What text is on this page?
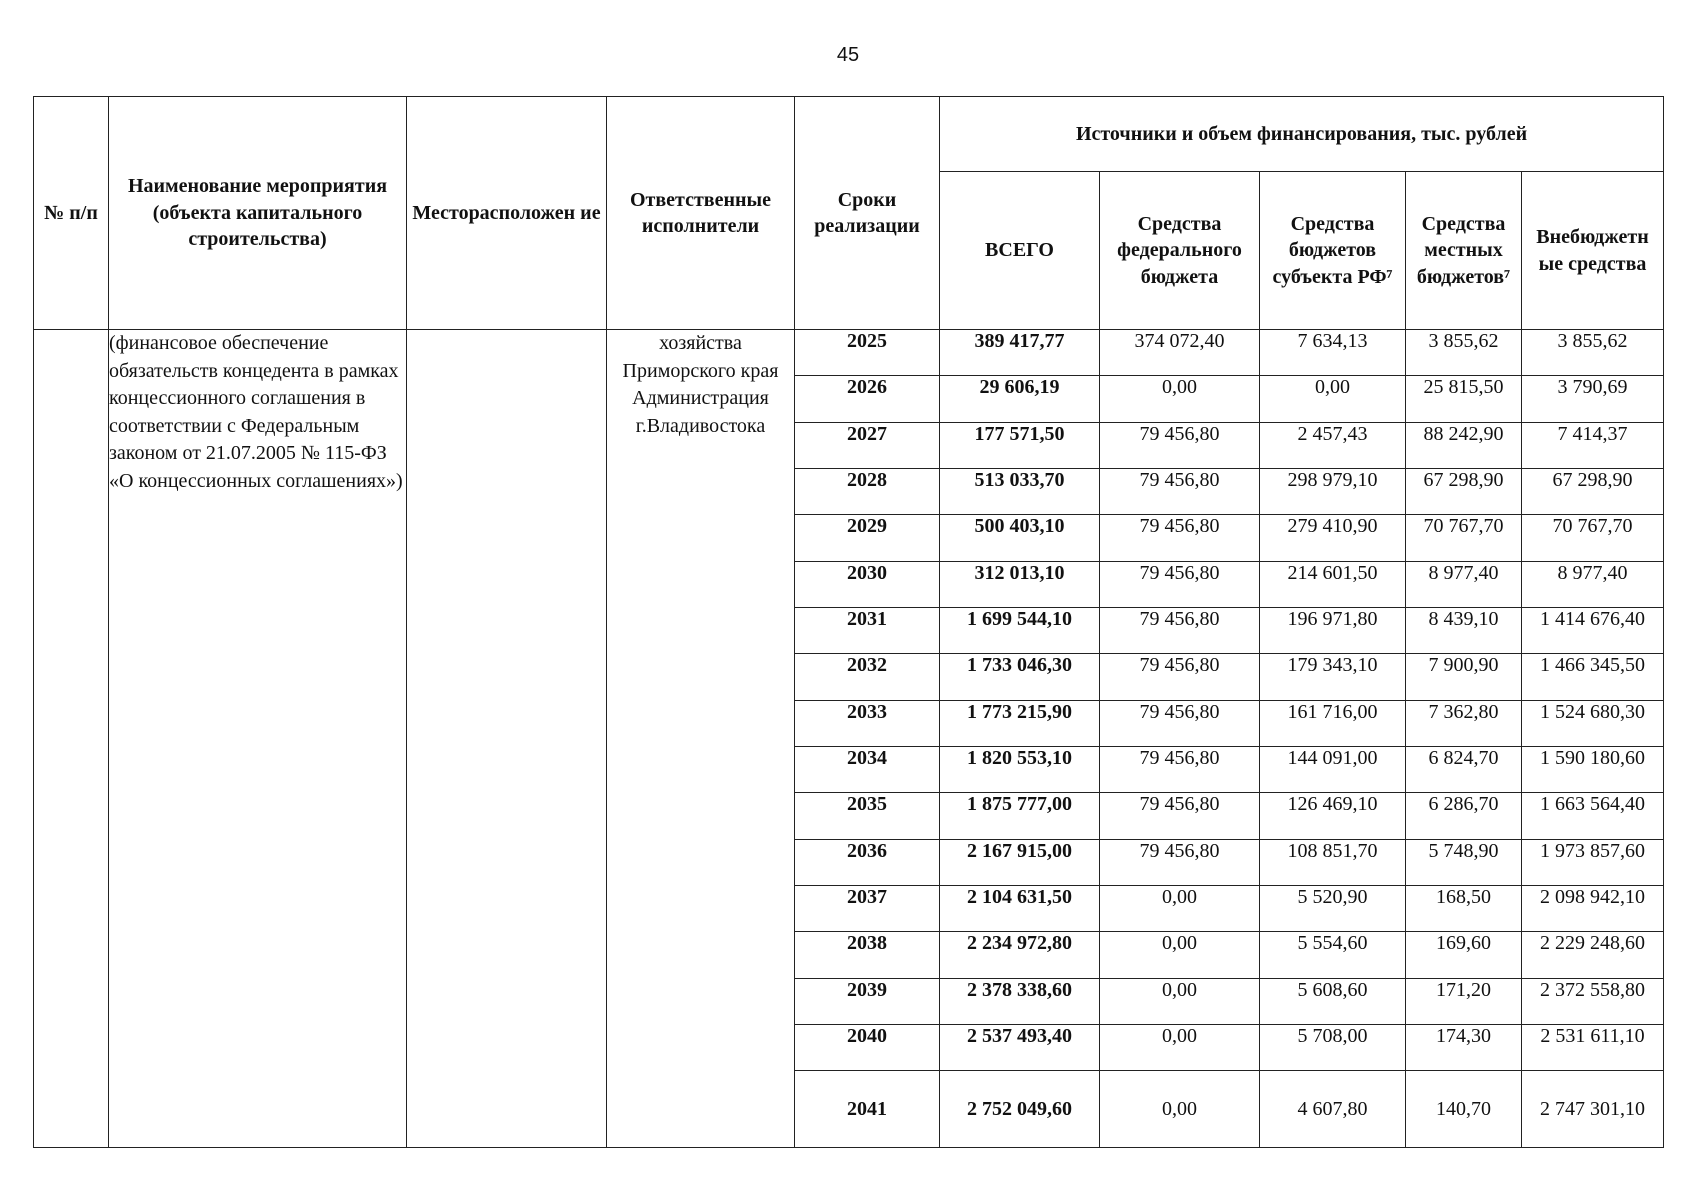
45
№ п/п	Наименование мероприятия (объекта капитального строительства)	Месторасположен ие	Ответственные исполнители	Сроки реализации	Источники и объем финансирования, тыс. рублей				
					ВСЕГО	Средства федерального бюджета	Средства бюджетов субъекта РФ⁷	Средства местных бюджетов⁷	Внебюджетн ые средства
	(финансовое обеспечение обязательств концедента в рамках концессионного соглашения в соответствии с Федеральным законом от 21.07.2005 № 115-ФЗ «О концессионных соглашениях»)		хозяйства Приморского края Администрация г.Владивостока	2025	389 417,77	374 072,40	7 634,13	3 855,62	3 855,62
				2026	29 606,19	0,00	0,00	25 815,50	3 790,69
				2027	177 571,50	79 456,80	2 457,43	88 242,90	7 414,37
				2028	513 033,70	79 456,80	298 979,10	67 298,90	67 298,90
				2029	500 403,10	79 456,80	279 410,90	70 767,70	70 767,70
				2030	312 013,10	79 456,80	214 601,50	8 977,40	8 977,40
				2031	1 699 544,10	79 456,80	196 971,80	8 439,10	1 414 676,40
				2032	1 733 046,30	79 456,80	179 343,10	7 900,90	1 466 345,50
				2033	1 773 215,90	79 456,80	161 716,00	7 362,80	1 524 680,30
				2034	1 820 553,10	79 456,80	144 091,00	6 824,70	1 590 180,60
				2035	1 875 777,00	79 456,80	126 469,10	6 286,70	1 663 564,40
				2036	2 167 915,00	79 456,80	108 851,70	5 748,90	1 973 857,60
				2037	2 104 631,50	0,00	5 520,90	168,50	2 098 942,10
				2038	2 234 972,80	0,00	5 554,60	169,60	2 229 248,60
				2039	2 378 338,60	0,00	5 608,60	171,20	2 372 558,80
				2040	2 537 493,40	0,00	5 708,00	174,30	2 531 611,10
				2041	2 752 049,60	0,00	4 607,80	140,70	2 747 301,10
